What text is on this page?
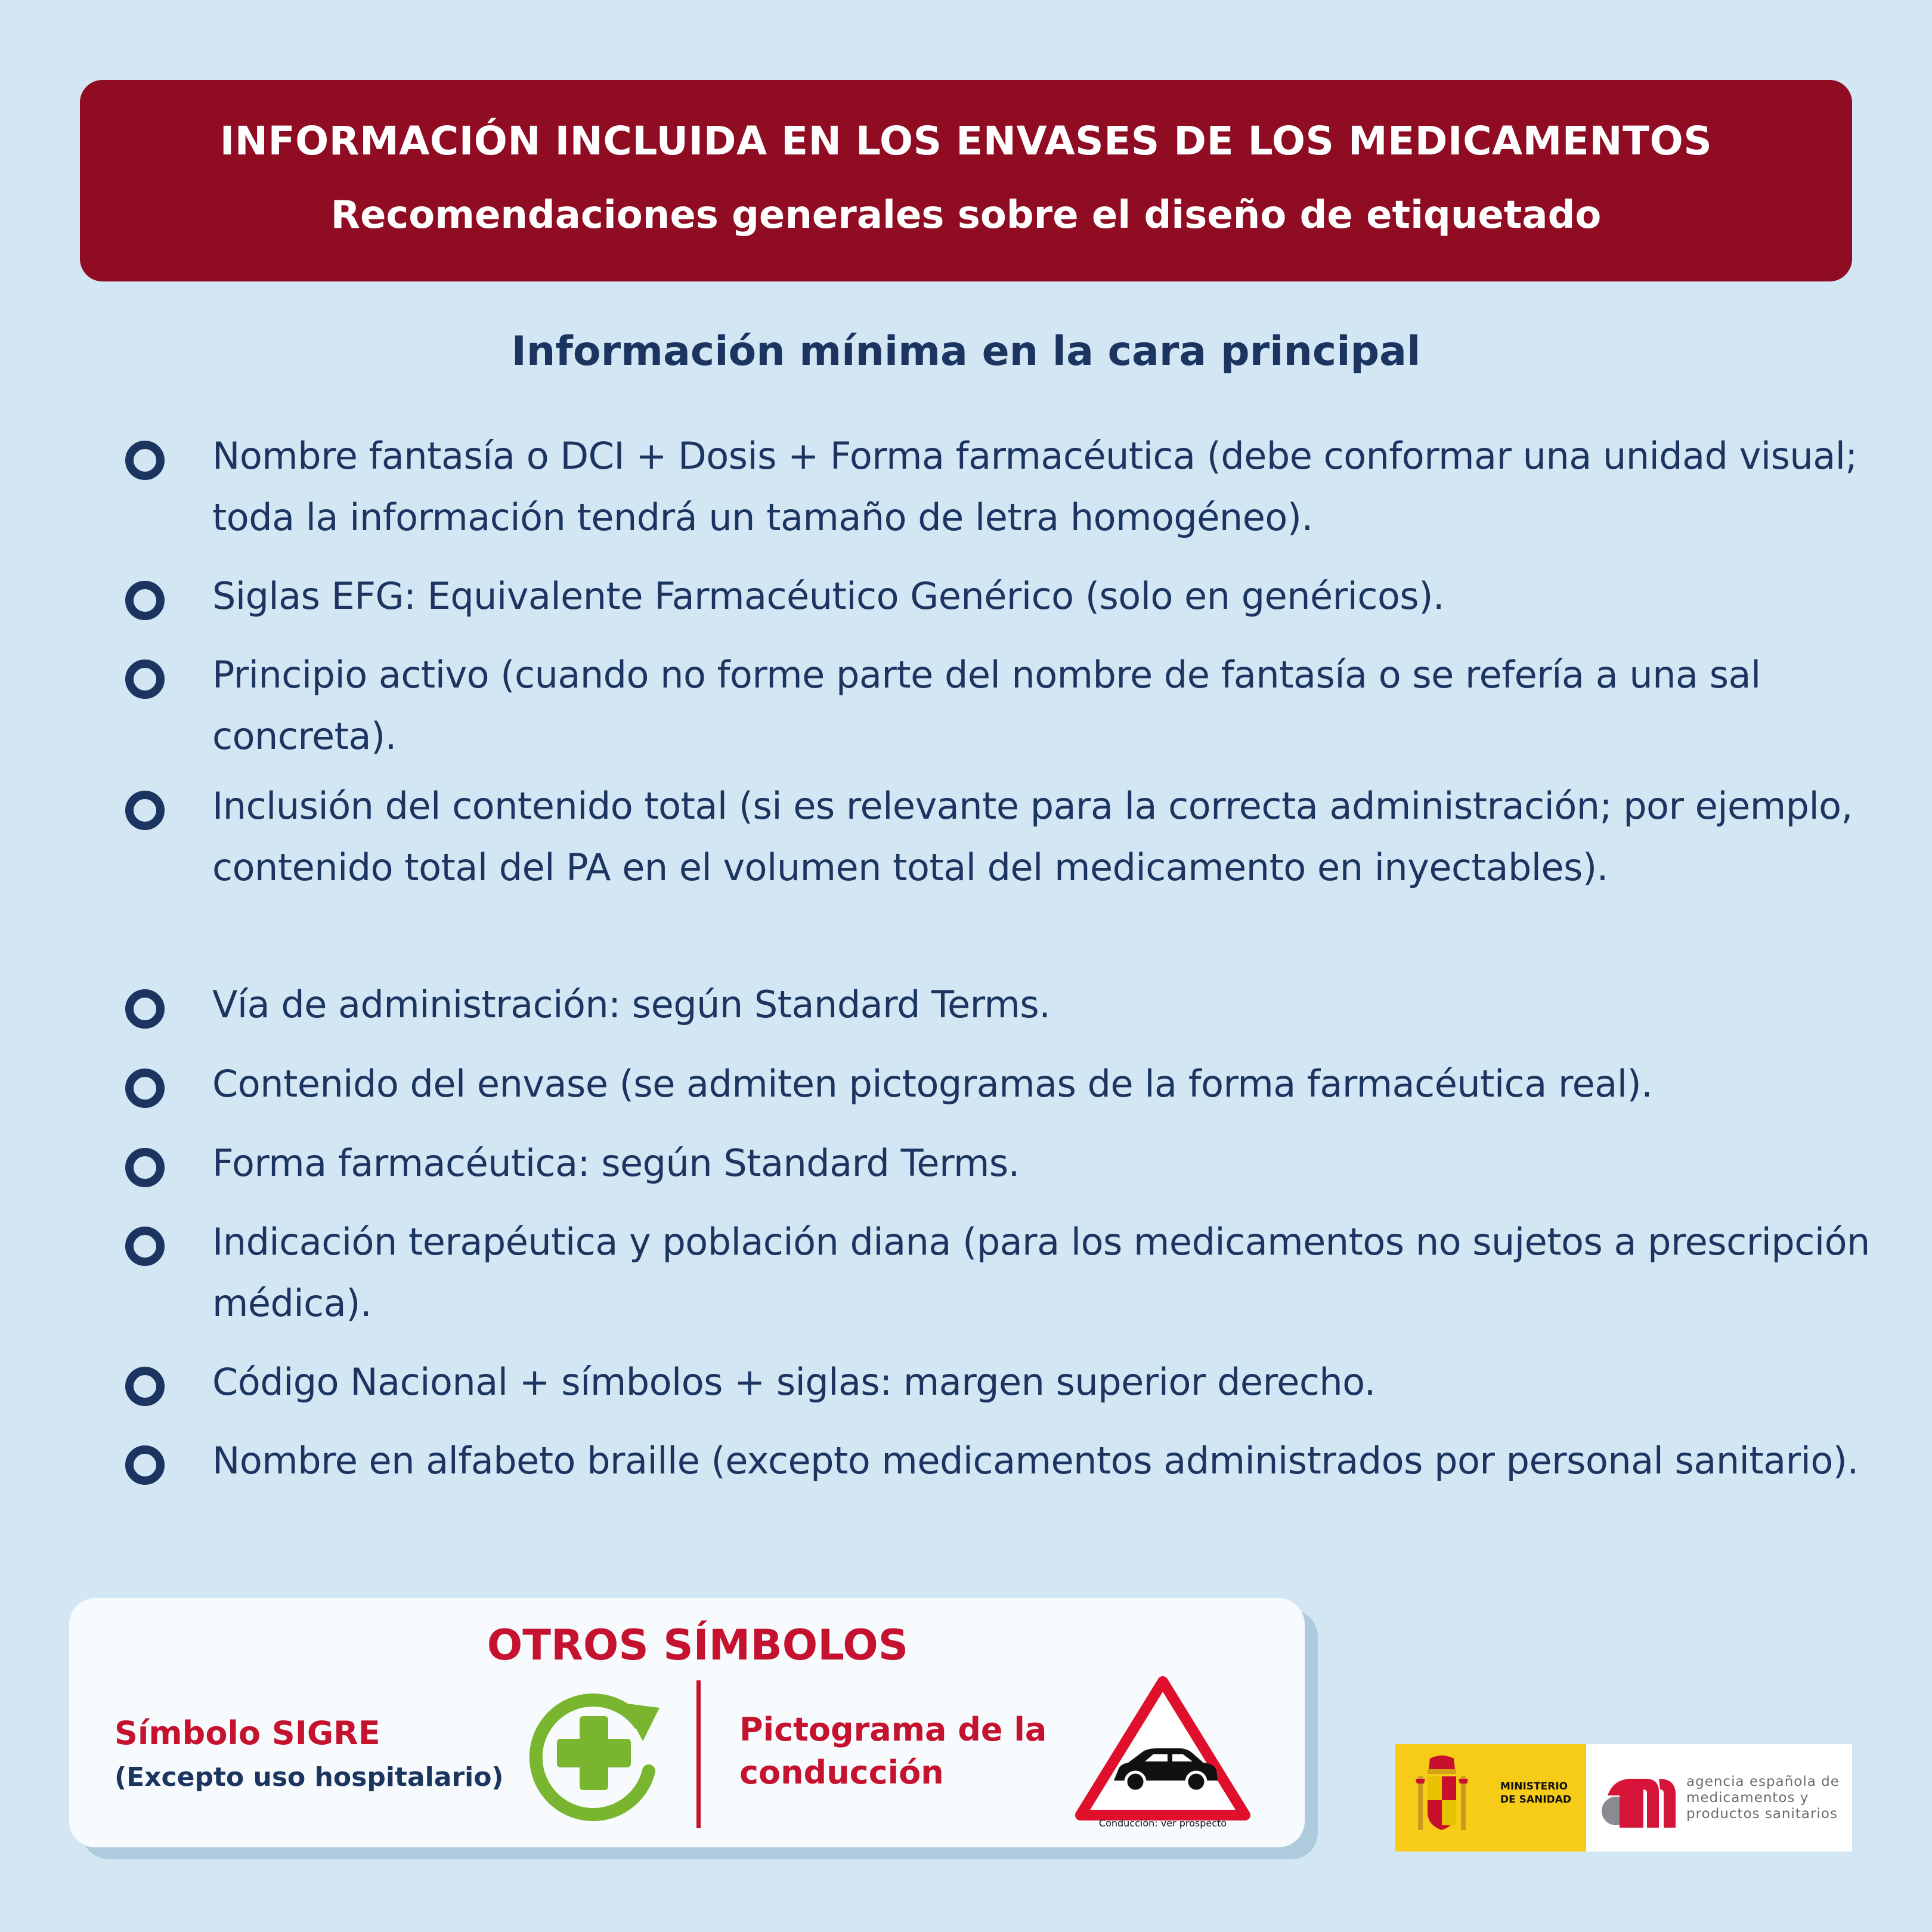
INFORMACIÓN INCLUIDA EN LOS ENVASES DE LOS MEDICAMENTOS
Recomendaciones generales sobre el diseño de etiquetado
Información mínima en la cara principal
Nombre fantasía o DCI + Dosis + Forma farmacéutica (debe conformar una unidad visual; toda la información tendrá un tamaño de letra homogéneo).
Siglas EFG: Equivalente Farmacéutico Genérico (solo en genéricos).
Principio activo (cuando no forme parte del nombre de fantasía o se refería a una sal concreta).
Inclusión del contenido total (si es relevante para la correcta administración; por ejemplo, contenido total del PA en el volumen total del medicamento en inyectables).
Vía de administración: según Standard Terms.
Contenido del envase (se admiten pictogramas de la forma farmacéutica real).
Forma farmacéutica: según Standard Terms.
Indicación terapéutica y población diana (para los medicamentos no sujetos a prescripción médica).
Código Nacional + símbolos + siglas: margen superior derecho.
Nombre en alfabeto braille (excepto medicamentos administrados por personal sanitario).
OTROS SÍMBOLOS
Símbolo SIGRE
(Excepto uso hospitalario)
Pictograma de la
conducción
Conducción: ver prospecto
MINISTERIO
DE SANIDAD
agencia española de
medicamentos y
productos sanitarios
